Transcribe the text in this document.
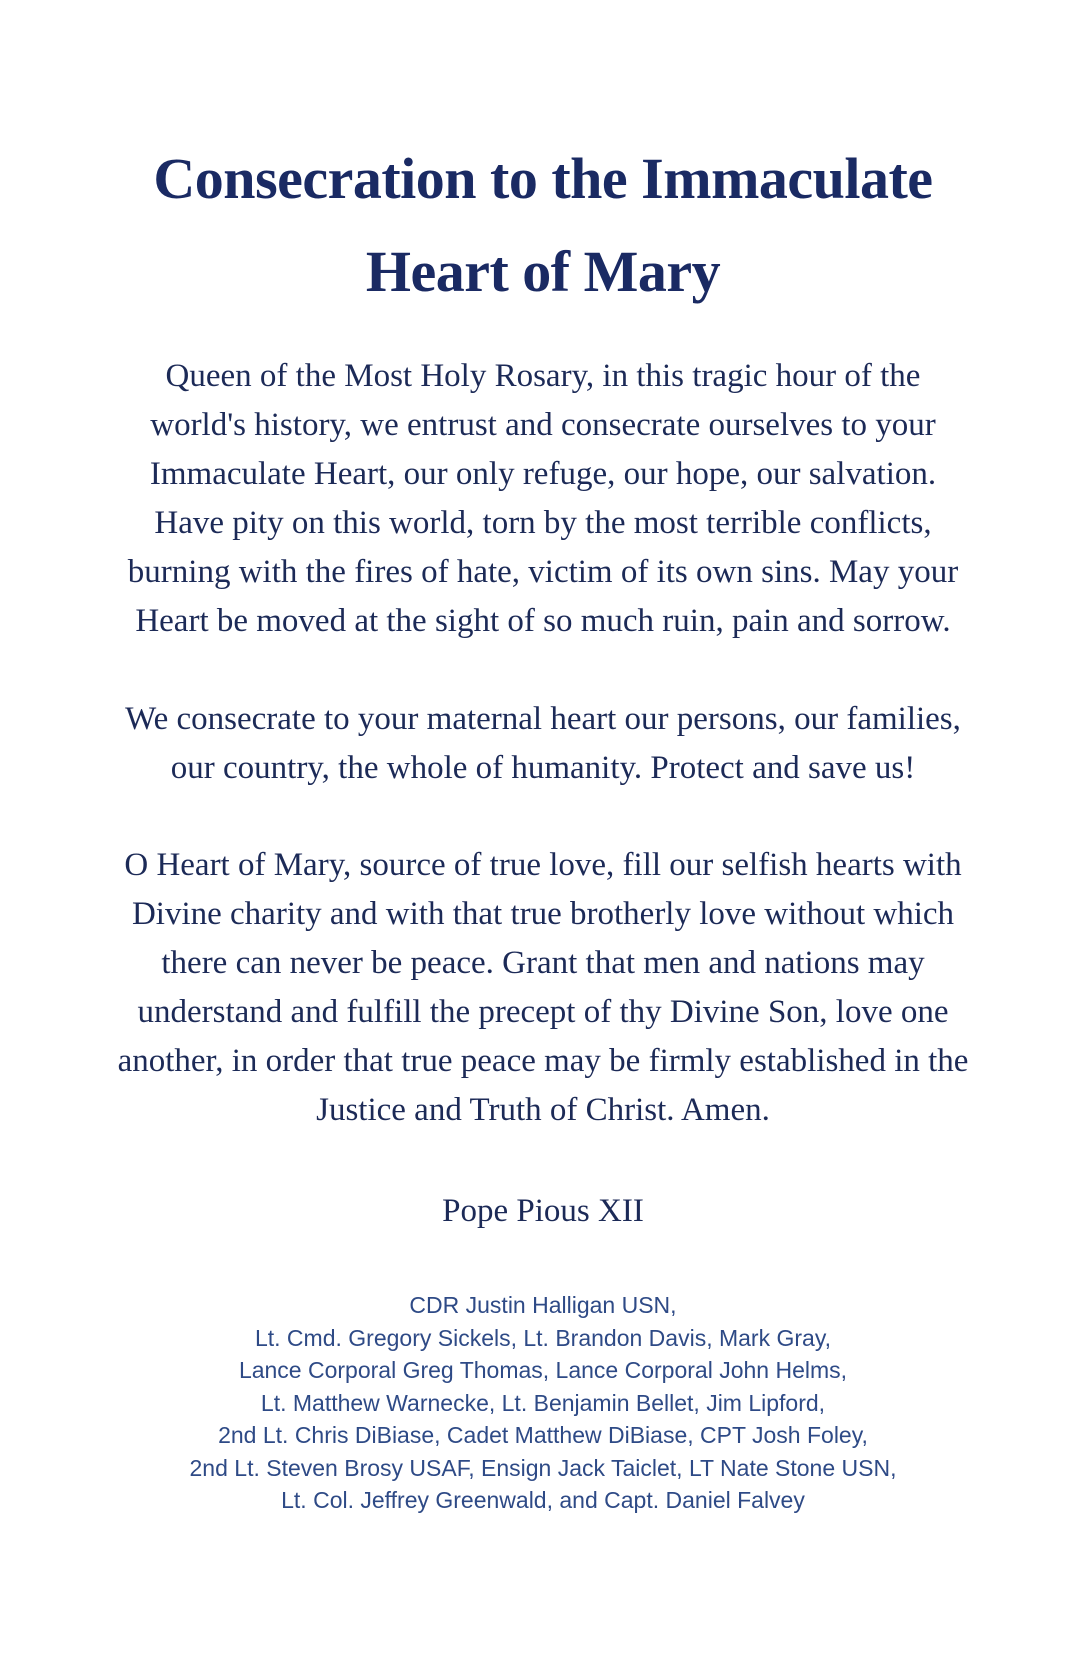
Consecration to the Immaculate
Heart of Mary

Queen of the Most Holy Rosary, in this tragic hour of the
world's history, we entrust and consecrate ourselves to your
Immaculate Heart, our only refuge, our hope, our salvation.
Have pity on this world, torn by the most terrible conflicts,
burning with the fires of hate, victim of its own sins. May your
Heart be moved at the sight of so much ruin, pain and sorrow.

We consecrate to your maternal heart our persons, our families,
our country, the whole of humanity. Protect and save us!

O Heart of Mary, source of true love, fill our selfish hearts with
Divine charity and with that true brotherly love without which
there can never be peace. Grant that men and nations may
understand and fulfill the precept of thy Divine Son, love one
another, in order that true peace may be firmly established in the
Justice and Truth of Christ. Amen.

Pope Pious XII

CDR Justin Halligan USN,
Lt. Cmd. Gregory Sickels, Lt. Brandon Davis, Mark Gray,
Lance Corporal Greg Thomas, Lance Corporal John Helms,
Lt. Matthew Warnecke, Lt. Benjamin Bellet, Jim Lipford,
2nd Lt. Chris DiBiase, Cadet Matthew DiBiase, CPT Josh Foley,
2nd Lt. Steven Brosy USAF, Ensign Jack Taiclet, LT Nate Stone USN,
Lt. Col. Jeffrey Greenwald, and Capt. Daniel Falvey
